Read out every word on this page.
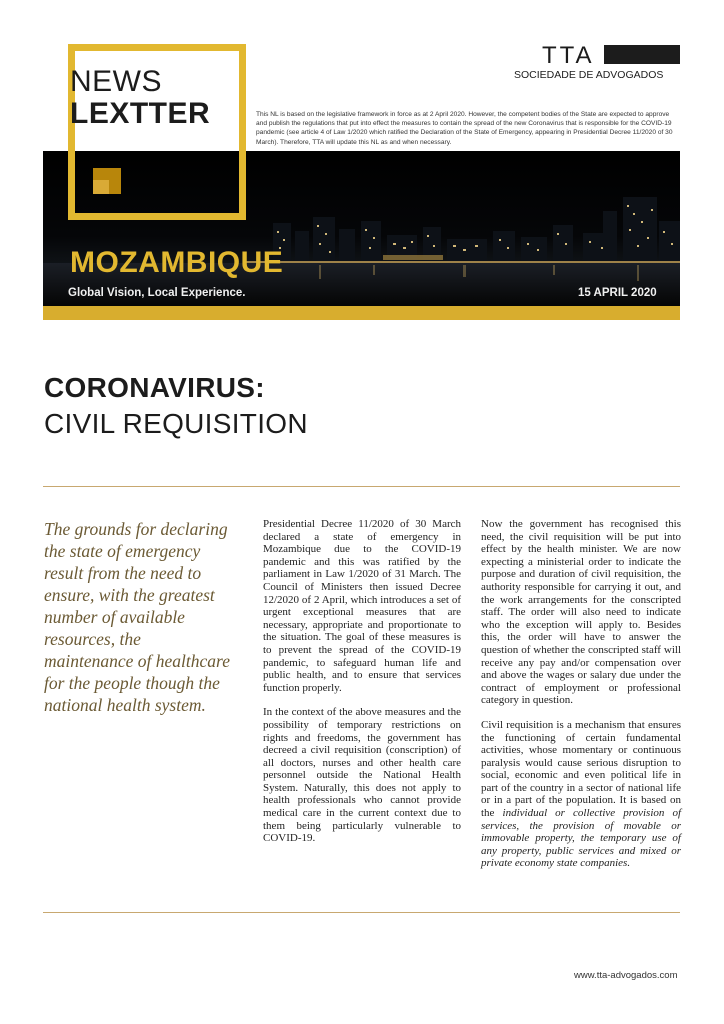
NEWS
LEXTTER
TTA
SOCIEDADE DE ADVOGADOS
This NL is based on the legislative framework in force as at 2 April 2020. However, the competent bodies of the State are expected to approve and publish the regulations that put into effect the measures to contain the spread of the new Coronavirus that is responsible for the COVID-19 pandemic (see article 4 of Law 1/2020 which ratified the Declaration of the State of Emergency, appearing in Presidential Decree 11/2020 of 30 March). Therefore, TTA will update this NL as and when necessary.
MOZAMBIQUE
Global Vision, Local Experience.	15 APRIL 2020
CORONAVIRUS:
CIVIL REQUISITION
The grounds for declaring the state of emergency result from the need to ensure, with the greatest number of available resources, the maintenance of healthcare for the people though the national health system.

Presidential Decree 11/2020 of 30 March declared a state of emergency in Mozambique due to the COVID-19 pandemic and this was ratified by the parliament in Law 1/2020 of 31 March. The Council of Ministers then issued Decree 12/2020 of 2 April, which introduces a set of urgent exceptional measures that are necessary, appropriate and proportionate to the situation. The goal of these measures is to prevent the spread of the COVID-19 pandemic, to safeguard human life and public health, and to ensure that services function properly.

In the context of the above measures and the possibility of temporary restrictions on rights and freedoms, the government has decreed a civil requisition (conscription) of all doctors, nurses and other health care personnel outside the National Health System. Naturally, this does not apply to health professionals who cannot provide medical care in the current context due to them being particularly vulnerable to COVID-19.

Now the government has recognised this need, the civil requisition will be put into effect by the health minister. We are now expecting a ministerial order to indicate the purpose and duration of civil requisition, the authority responsible for carrying it out, and the work arrangements for the conscripted staff. The order will also need to indicate who the exception will apply to. Besides this, the order will have to answer the question of whether the conscripted staff will receive any pay and/or compensation over and above the wages or salary due under the contract of employment or professional category in question.

Civil requisition is a mechanism that ensures the functioning of certain fundamental activities, whose momentary or continuous paralysis would cause serious disruption to social, economic and even political life in part of the country in a sector of national life or in a part of the population. It is based on the individual or collective provision of services, the provision of movable or immovable property, the temporary use of any property, public services and mixed or private economy state companies.

www.tta-advogados.com
